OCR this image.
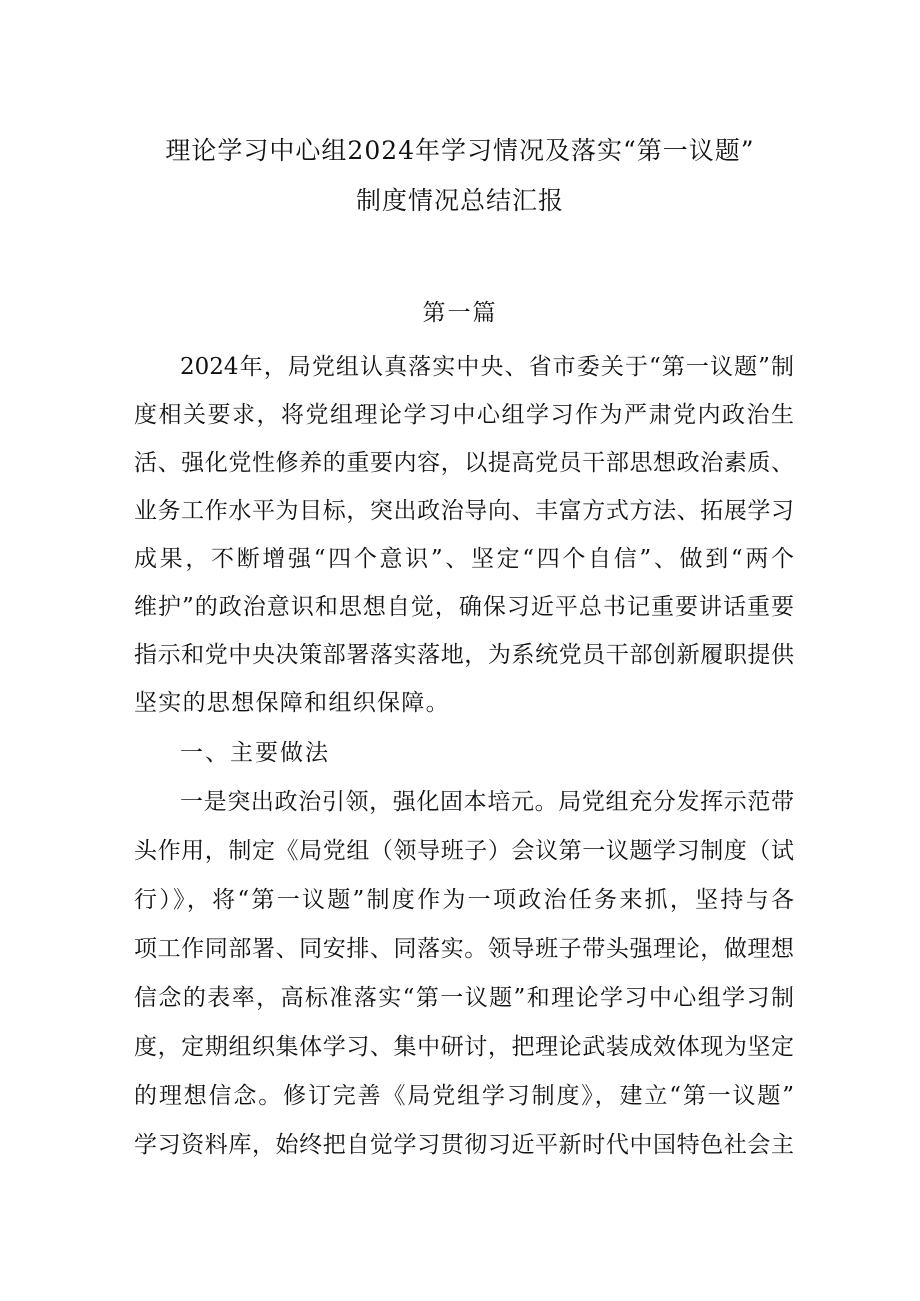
理论学习中心组2024年学习情况及落实“第一议题”
制度情况总结汇报
第一篇
2024年，局党组认真落实中央、省市委关于“第一议题”制
度相关要求，将党组理论学习中心组学习作为严肃党内政治生
活、强化党性修养的重要内容，以提高党员干部思想政治素质、
业务工作水平为目标，突出政治导向、丰富方式方法、拓展学习
成果，不断增强“四个意识”、坚定“四个自信”、做到“两个
维护”的政治意识和思想自觉，确保习近平总书记重要讲话重要
指示和党中央决策部署落实落地，为系统党员干部创新履职提供
坚实的思想保障和组织保障。
一、主要做法
一是突出政治引领，强化固本培元。局党组充分发挥示范带
头作用，制定《局党组（领导班子）会议第一议题学习制度（试
行）》，将“第一议题”制度作为一项政治任务来抓，坚持与各
项工作同部署、同安排、同落实。领导班子带头强理论，做理想
信念的表率，高标准落实“第一议题”和理论学习中心组学习制
度，定期组织集体学习、集中研讨，把理论武装成效体现为坚定
的理想信念。修订完善《局党组学习制度》，建立“第一议题”
学习资料库，始终把自觉学习贯彻习近平新时代中国特色社会主
